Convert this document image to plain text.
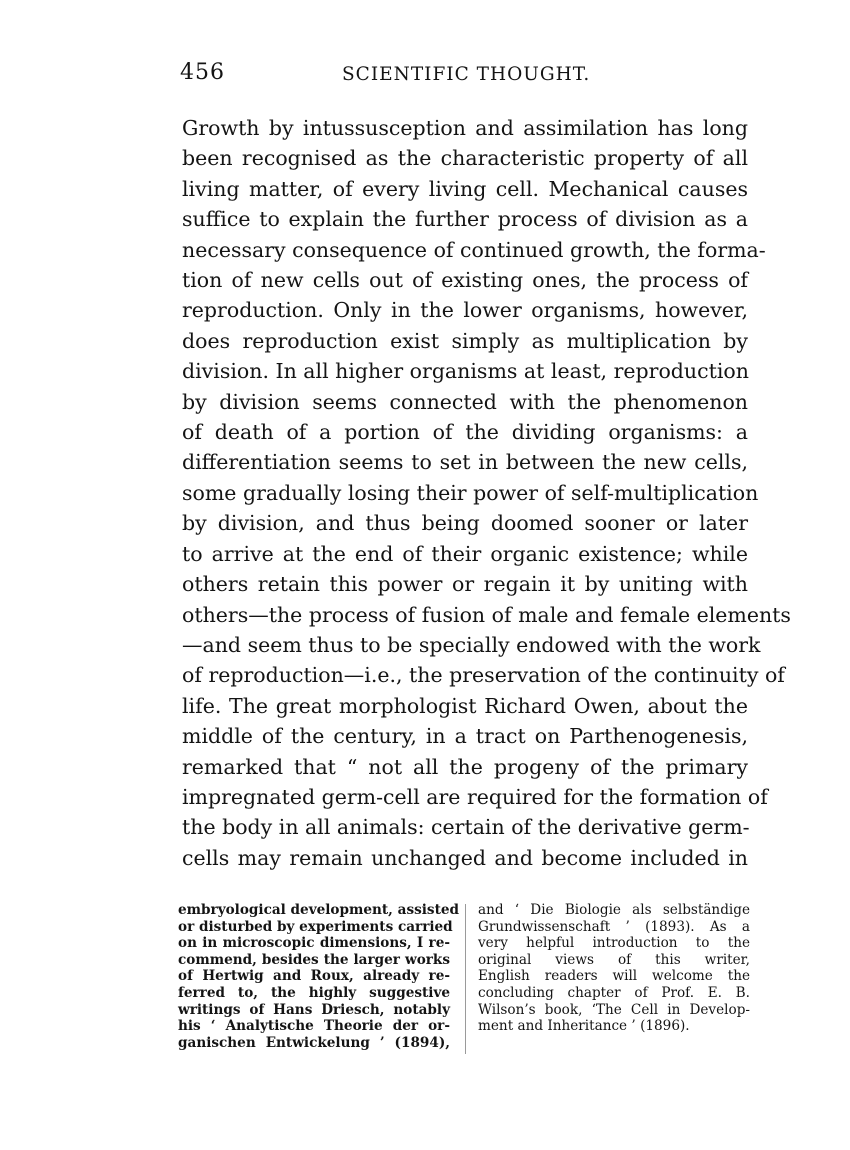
456	SCIENTIFIC THOUGHT.
Growth by intussusception and assimilation has long
been recognised as the characteristic property of all
living matter, of every living cell. Mechanical causes
suffice to explain the further process of division as a
necessary consequence of continued growth, the forma-
tion of new cells out of existing ones, the process of
reproduction. Only in the lower organisms, however,
does reproduction exist simply as multiplication by
division. In all higher organisms at least, reproduction
by division seems connected with the phenomenon
of death of a portion of the dividing organisms: a
differentiation seems to set in between the new cells,
some gradually losing their power of self-multiplication
by division, and thus being doomed sooner or later
to arrive at the end of their organic existence; while
others retain this power or regain it by uniting with
others—the process of fusion of male and female elements
—and seem thus to be specially endowed with the work
of reproduction—i.e., the preservation of the continuity of
life. The great morphologist Richard Owen, about the
middle of the century, in a tract on Parthenogenesis,
remarked that “ not all the progeny of the primary
impregnated germ-cell are required for the formation of
the body in all animals: certain of the derivative germ-
cells may remain unchanged and become included in
embryological development, assisted
or disturbed by experiments carried
on in microscopic dimensions, I re-
commend, besides the larger works
of Hertwig and Roux, already re-
ferred to, the highly suggestive
writings of Hans Driesch, notably
his ‘ Analytische Theorie der or-
ganischen Entwickelung ’ (1894),
and ‘ Die Biologie als selbständige
Grundwissenschaft ’ (1893). As a
very helpful introduction to the
original views of this writer,
English readers will welcome the
concluding chapter of Prof. E. B.
Wilson’s book, ‘The Cell in Develop-
ment and Inheritance ’ (1896).
